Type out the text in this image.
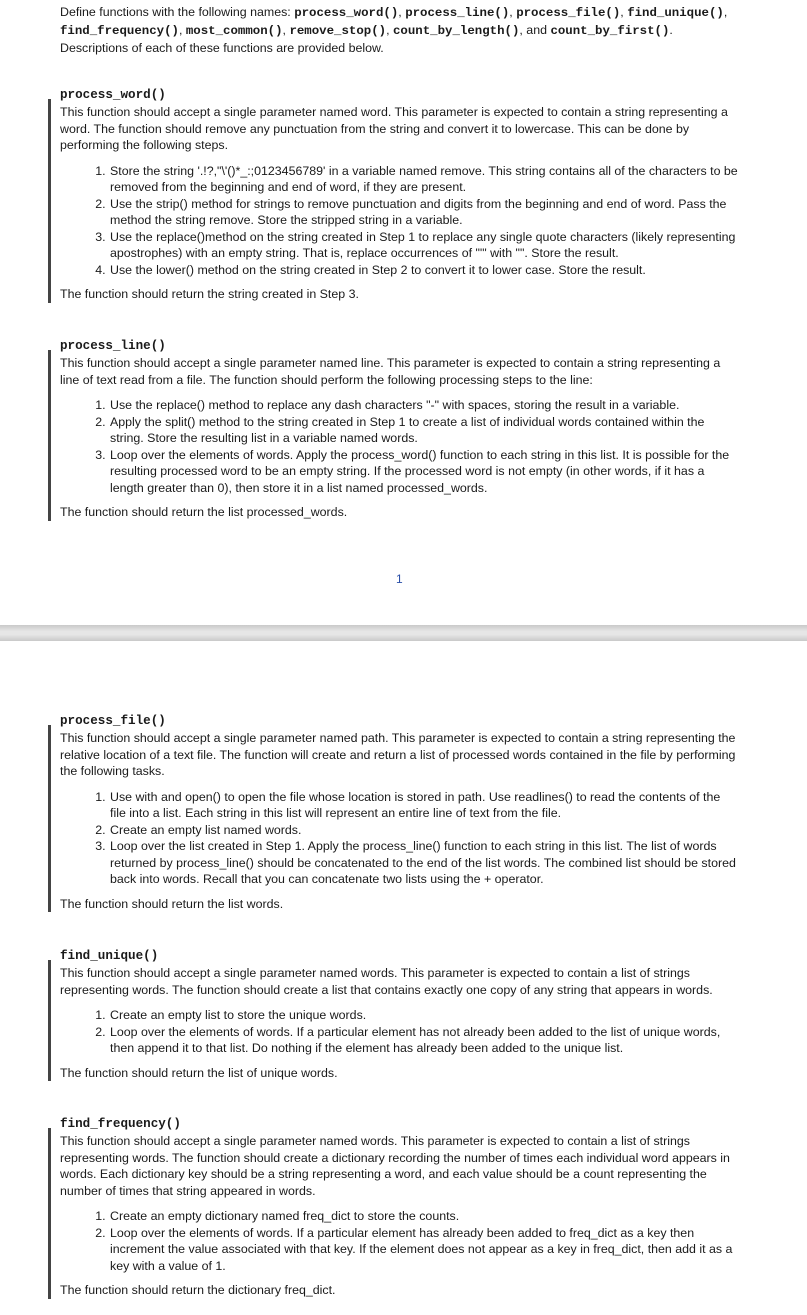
Define functions with the following names: process_word(), process_line(), process_file(), find_unique(), find_frequency(), most_common(), remove_stop(), count_by_length(), and count_by_first().
Descriptions of each of these functions are provided below.
process_word()

This function should accept a single parameter named word. This parameter is expected to contain a string representing a word. The function should remove any punctuation from the string and convert it to lowercase. This can be done by performing the following steps.

1. Store the string '.!?,"\'()*_:;0123456789' in a variable named remove. This string contains all of the characters to be removed from the beginning and end of word, if they are present.
2. Use the strip() method for strings to remove punctuation and digits from the beginning and end of word. Pass the method the string remove. Store the stripped string in a variable.
3. Use the replace()method on the string created in Step 1 to replace any single quote characters (likely representing apostrophes) with an empty string. That is, replace occurrences of "'" with "". Store the result.
4. Use the lower() method on the string created in Step 2 to convert it to lower case. Store the result.

The function should return the string created in Step 3.

process_line()

This function should accept a single parameter named line. This parameter is expected to contain a string representing a line of text read from a file. The function should perform the following processing steps to the line:

1. Use the replace() method to replace any dash characters "-" with spaces, storing the result in a variable.
2. Apply the split() method to the string created in Step 1 to create a list of individual words contained within the string. Store the resulting list in a variable named words.
3. Loop over the elements of words. Apply the process_word() function to each string in this list. It is possible for the resulting processed word to be an empty string. If the processed word is not empty (in other words, if it has a length greater than 0), then store it in a list named processed_words.

The function should return the list processed_words.

1
process_file()

This function should accept a single parameter named path. This parameter is expected to contain a string representing the relative location of a text file. The function will create and return a list of processed words contained in the file by performing the following tasks.

1. Use with and open() to open the file whose location is stored in path. Use readlines() to read the contents of the file into a list. Each string in this list will represent an entire line of text from the file.
2. Create an empty list named words.
3. Loop over the list created in Step 1. Apply the process_line() function to each string in this list. The list of words returned by process_line() should be concatenated to the end of the list words. The combined list should be stored back into words. Recall that you can concatenate two lists using the + operator.

The function should return the list words.

find_unique()

This function should accept a single parameter named words. This parameter is expected to contain a list of strings representing words. The function should create a list that contains exactly one copy of any string that appears in words.

1. Create an empty list to store the unique words.
2. Loop over the elements of words. If a particular element has not already been added to the list of unique words, then append it to that list. Do nothing if the element has already been added to the unique list.

The function should return the list of unique words.

find_frequency()

This function should accept a single parameter named words. This parameter is expected to contain a list of strings representing words. The function should create a dictionary recording the number of times each individual word appears in words. Each dictionary key should be a string representing a word, and each value should be a count representing the number of times that string appeared in words.

1. Create an empty dictionary named freq_dict to store the counts.
2. Loop over the elements of words. If a particular element has already been added to freq_dict as a key then increment the value associated with that key. If the element does not appear as a key in freq_dict, then add it as a key with a value of 1.

The function should return the dictionary freq_dict.
